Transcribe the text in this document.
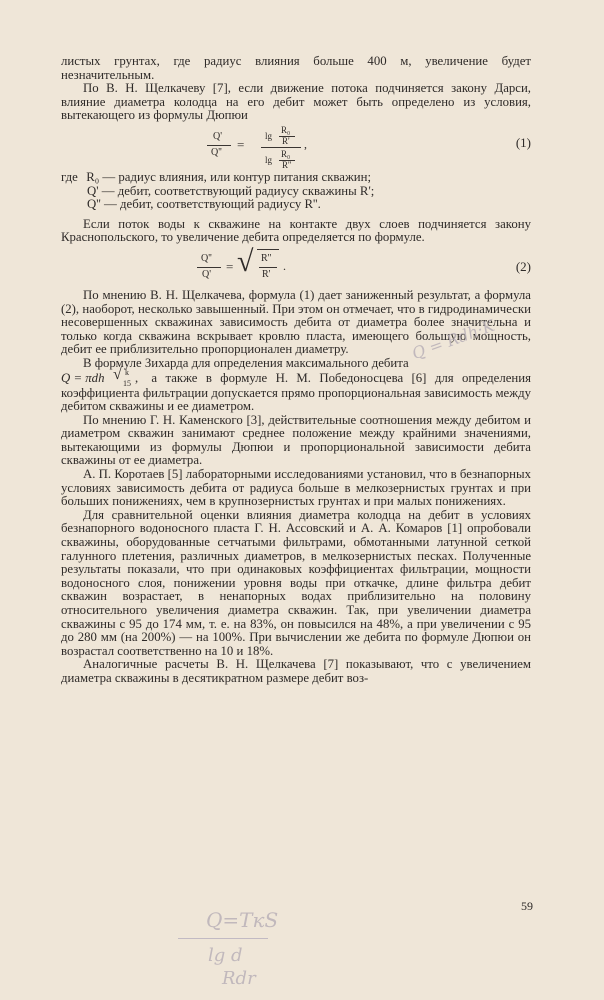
листых грунтах, где радиус влияния больше 400 м, увеличение будет незначительным.

По В. Н. Щелкачеву [7], если движение потока подчиняется закону Дарси, влияние диаметра колодца на его дебит может быть определено из условия, вытекающего из формулы Дюпюи

Q'
Q''
=
lg
R₀
R'
lg
R₀
R''
,	(1)
где R₀ — радиус влияния, или контур питания скважин;
Q' — дебит, соответствующий радиусу скважины R';
Q'' — дебит, соответствующий радиусу R''.

Если поток воды к скважине на контакте двух слоев подчиняется закону Краснопольского, то увеличение дебита определяется по формуле.

Q''
Q'
= √ R''
R'
.	(2)

По мнению В. Н. Щелкачева, формула (1) дает заниженный результат, а формула (2), наоборот, несколько завышенный. При этом он отмечает, что в гидродинамически несовершенных скважинах зависимость дебита от диаметра более значительна и только когда скважина вскрывает кровлю пласта, имеющего большую мощность, дебит ее приблизительно пропорционален диаметру.

В формуле Зихарда для определения максимального дебита

Q = πdh √ k
15 , а также в формуле Н. М. Победоносцева [6] для определения коэффициента фильтрации допускается прямо пропорциональная зависимость между дебитом скважины и ее диаметром.

По мнению Г. Н. Каменского [3], действительные соотношения между дебитом и диаметром скважин занимают среднее положение между крайними значениями, вытекающими из формулы Дюпюи и пропорциональной зависимости дебита скважины от ее диаметра.

А. П. Коротаев [5] лабораторными исследованиями установил, что в безнапорных условиях зависимость дебита от радиуса больше в мелкозернистых грунтах и при больших понижениях, чем в крупнозернистых грунтах и при малых понижениях.

Для сравнительной оценки влияния диаметра колодца на дебит в условиях безнапорного водоносного пласта Г. Н. Ассовский и А. А. Комаров [1] опробовали скважины, оборудованные сетчатыми фильтрами, обмотанными латунной сеткой галунного плетения, различных диаметров, в мелкозернистых песках. Полученные результаты показали, что при одинаковых коэффициентах фильтрации, мощности водоносного слоя, понижении уровня воды при откачке, длине фильтра дебит скважин возрастает, в ненапорных водах приблизительно на половину относительного увеличения диаметра скважин. Так, при увеличении диаметра скважины с 95 до 174 мм, т. е. на 83%, он повысился на 48%, а при увеличении с 95 до 280 мм (на 200%) — на 100%. При вычислении же дебита по формуле Дюпюи он возрастал соответственно на 10 и 18%.

Аналогичные расчеты В. Н. Щелкачева [7] показывают, что с увеличением диаметра скважины в десятикратном размере дебит воз-

59
Q = Rdh·K
Q=ТкS
lg d
Rdr
